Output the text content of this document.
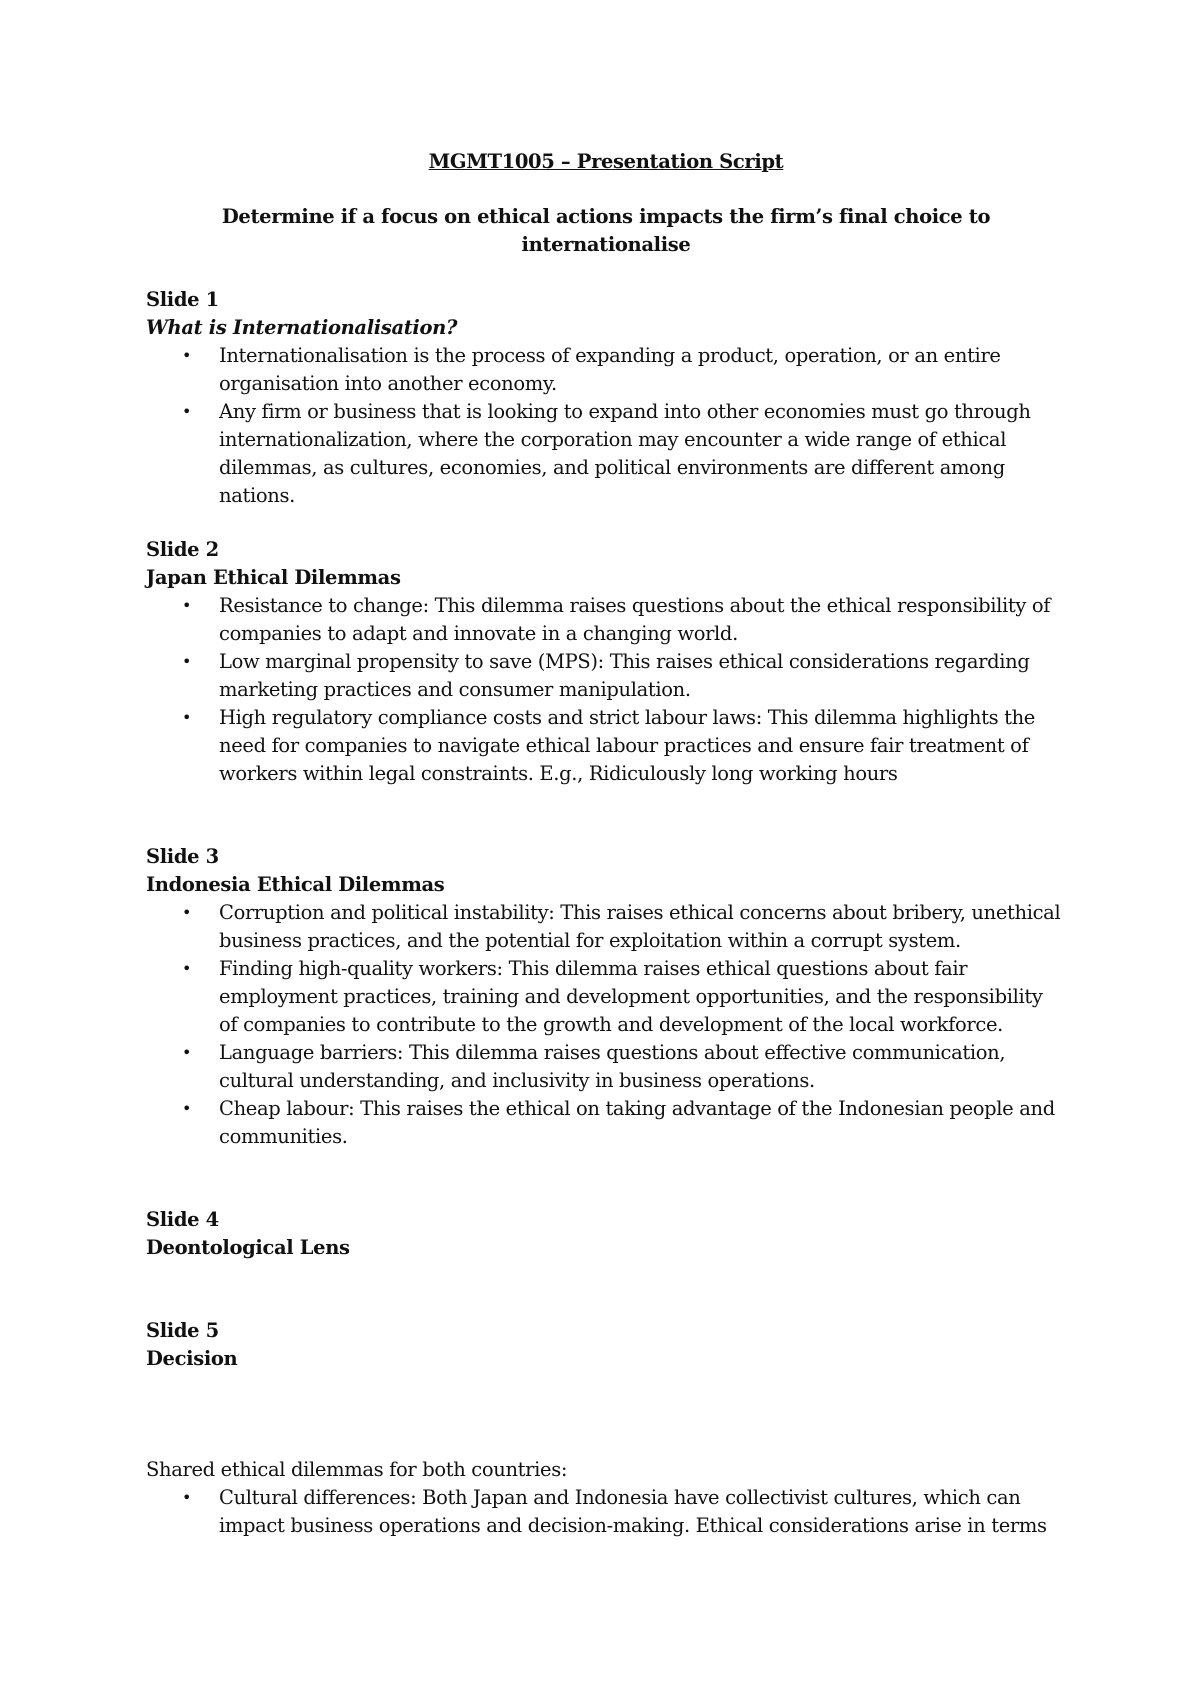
MGMT1005 – Presentation Script

Determine if a focus on ethical actions impacts the firm’s final choice to internationalise

Slide 1

What is Internationalisation?

• Internationalisation is the process of expanding a product, operation, or an entire organisation into another economy.
• Any firm or business that is looking to expand into other economies must go through internationalization, where the corporation may encounter a wide range of ethical dilemmas, as cultures, economies, and political environments are different among nations.

Slide 2

Japan Ethical Dilemmas

• Resistance to change: This dilemma raises questions about the ethical responsibility of companies to adapt and innovate in a changing world.
• Low marginal propensity to save (MPS): This raises ethical considerations regarding marketing practices and consumer manipulation.
• High regulatory compliance costs and strict labour laws: This dilemma highlights the need for companies to navigate ethical labour practices and ensure fair treatment of workers within legal constraints. E.g., Ridiculously long working hours

Slide 3

Indonesia Ethical Dilemmas

• Corruption and political instability: This raises ethical concerns about bribery, unethical business practices, and the potential for exploitation within a corrupt system.
• Finding high-quality workers: This dilemma raises ethical questions about fair employment practices, training and development opportunities, and the responsibility of companies to contribute to the growth and development of the local workforce.
• Language barriers: This dilemma raises questions about effective communication, cultural understanding, and inclusivity in business operations.
• Cheap labour: This raises the ethical on taking advantage of the Indonesian people and communities.

Slide 4

Deontological Lens

Slide 5

Decision

Shared ethical dilemmas for both countries:

• Cultural differences: Both Japan and Indonesia have collectivist cultures, which can impact business operations and decision-making. Ethical considerations arise in terms
